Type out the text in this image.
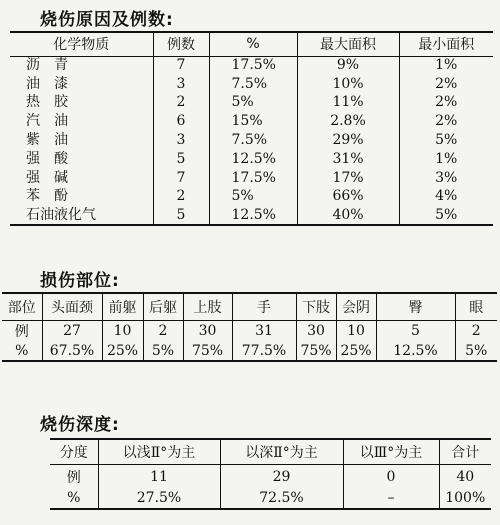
烧伤原因及例数:
化学物质	例数	%	最大面积	最小面积
沥　青	7	17.5%	9%	1%
油　漆	3	7.5%	10%	2%
热　胶	2	5%	11%	2%
汽　油	6	15%	2.8%	2%
紫　油	3	7.5%	29%	5%
强　酸	5	12.5%	31%	1%
强　碱	7	17.5%	17%	3%
苯　酚	2	5%	66%	4%
石油液化气	5	12.5%	40%	5%
损伤部位:
部位	头面颈	前躯	后躯	上肢	手	下肢	会阴	臀	眼
例	27	10	2	30	31	30	10	5	2
%	67.5%	25%	5%	75%	77.5%	75%	25%	12.5%	5%
烧伤深度:
分度	以浅Ⅱ°为主	以深Ⅱ°为主	以Ⅲ°为主	合计
例	11	29	0	40
%	27.5%	72.5%	–	100%
